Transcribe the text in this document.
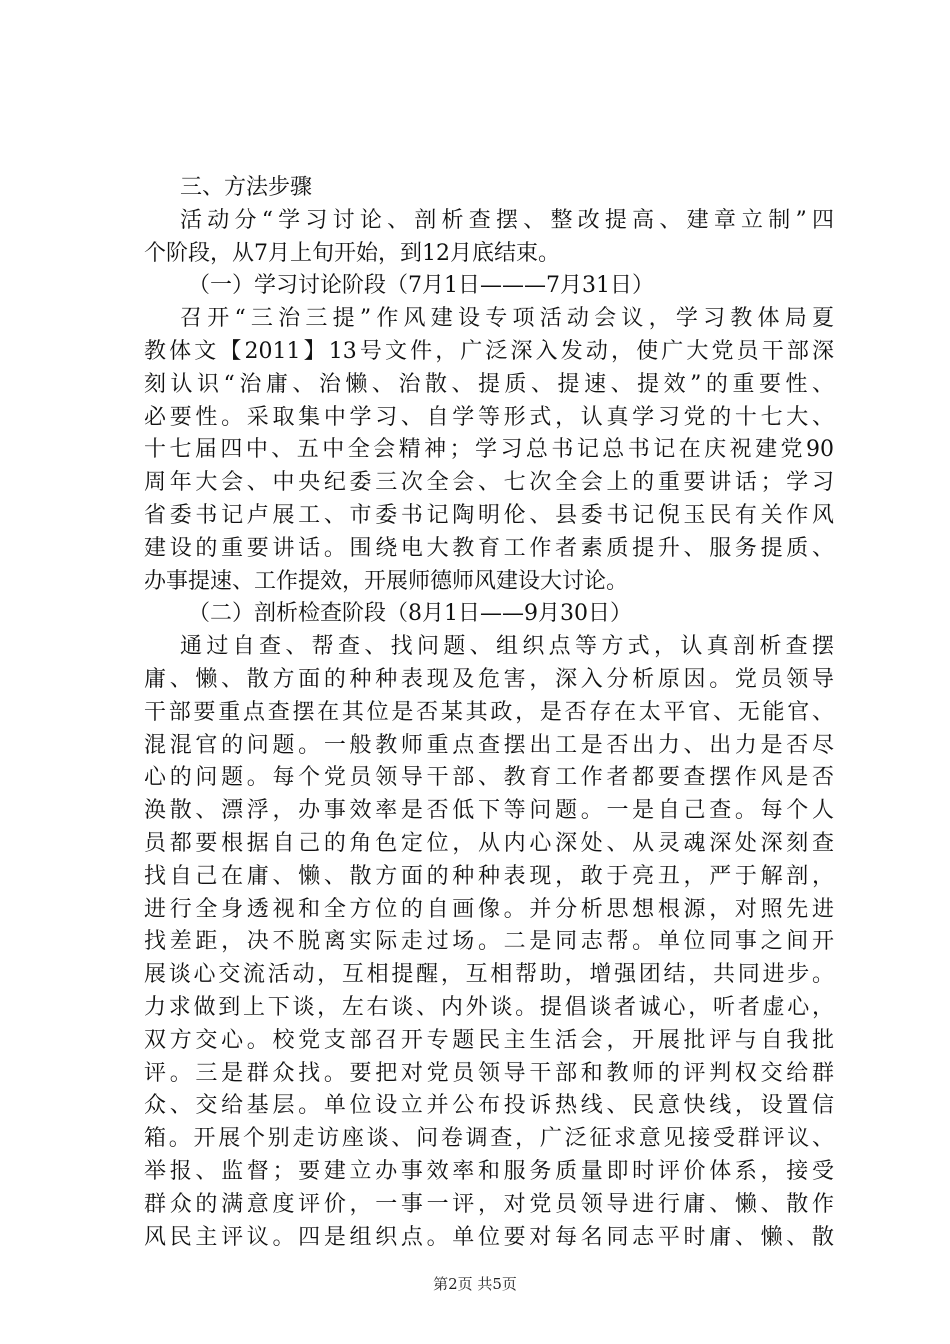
三、方法步骤
活动分“学习讨论、剖析查摆、整改提高、建章立制”四
个阶段，从7月上旬开始，到12月底结束。
（一）学习讨论阶段（7月1日———7月31日）
召开“三治三提”作风建设专项活动会议，学习教体局夏
教体文【2011】13号文件，广泛深入发动，使广大党员干部深
刻认识“治庸、治懒、治散、提质、提速、提效”的重要性、
必要性。采取集中学习、自学等形式，认真学习党的十七大、
十七届四中、五中全会精神；学习总书记总书记在庆祝建党90
周年大会、中央纪委三次全会、七次全会上的重要讲话；学习
省委书记卢展工、市委书记陶明伦、县委书记倪玉民有关作风
建设的重要讲话。围绕电大教育工作者素质提升、服务提质、
办事提速、工作提效，开展师德师风建设大讨论。
（二）剖析检查阶段（8月1日——9月30日）
通过自查、帮查、找问题、组织点等方式，认真剖析查摆
庸、懒、散方面的种种表现及危害，深入分析原因。党员领导
干部要重点查摆在其位是否某其政，是否存在太平官、无能官、
混混官的问题。一般教师重点查摆出工是否出力、出力是否尽
心的问题。每个党员领导干部、教育工作者都要查摆作风是否
涣散、漂浮，办事效率是否低下等问题。一是自己查。每个人
员都要根据自己的角色定位，从内心深处、从灵魂深处深刻查
找自己在庸、懒、散方面的种种表现，敢于亮丑，严于解剖，
进行全身透视和全方位的自画像。并分析思想根源，对照先进
找差距，决不脱离实际走过场。二是同志帮。单位同事之间开
展谈心交流活动，互相提醒，互相帮助，增强团结，共同进步。
力求做到上下谈，左右谈、内外谈。提倡谈者诚心，听者虚心，
双方交心。校党支部召开专题民主生活会，开展批评与自我批
评。三是群众找。要把对党员领导干部和教师的评判权交给群
众、交给基层。单位设立并公布投诉热线、民意快线，设置信
箱。开展个别走访座谈、问卷调查，广泛征求意见接受群评议、
举报、监督；要建立办事效率和服务质量即时评价体系，接受
群众的满意度评价，一事一评，对党员领导进行庸、懒、散作
风民主评议。四是组织点。单位要对每名同志平时庸、懒、散
第2页 共5页
